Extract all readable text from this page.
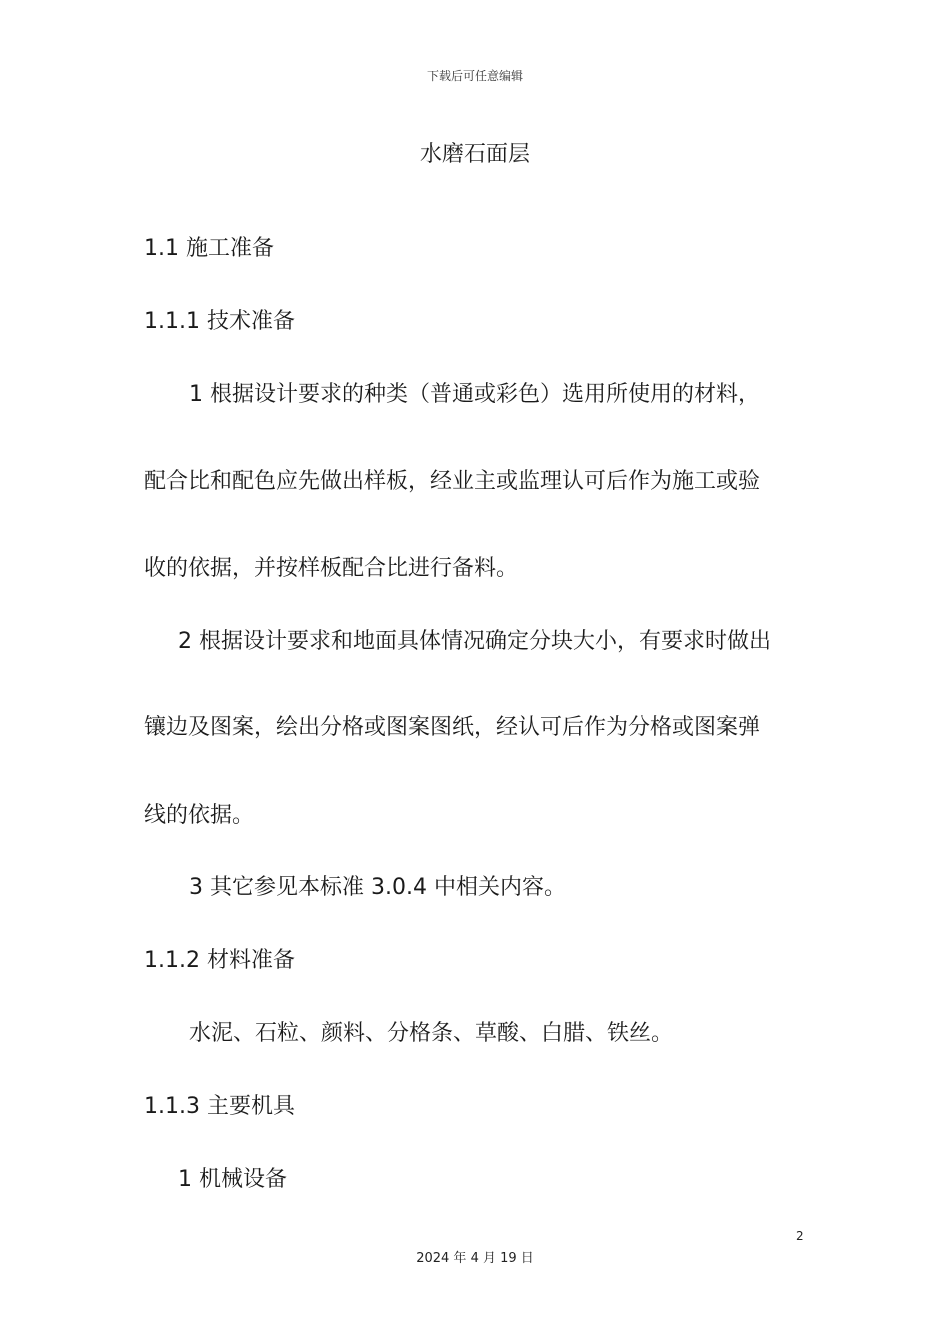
下载后可任意编辑
水磨石面层
1.1 施工准备
1.1.1 技术准备
1 根据设计要求的种类（普通或彩色）选用所使用的材料，
配合比和配色应先做出样板，经业主或监理认可后作为施工或验
收的依据，并按样板配合比进行备料。
2 根据设计要求和地面具体情况确定分块大小，有要求时做出
镶边及图案，绘出分格或图案图纸，经认可后作为分格或图案弹
线的依据。
3 其它参见本标准 3.0.4 中相关内容。
1.1.2 材料准备
水泥、石粒、颜料、分格条、草酸、白腊、铁丝。
1.1.3 主要机具
1 机械设备
2
2024 年 4 月 19 日
